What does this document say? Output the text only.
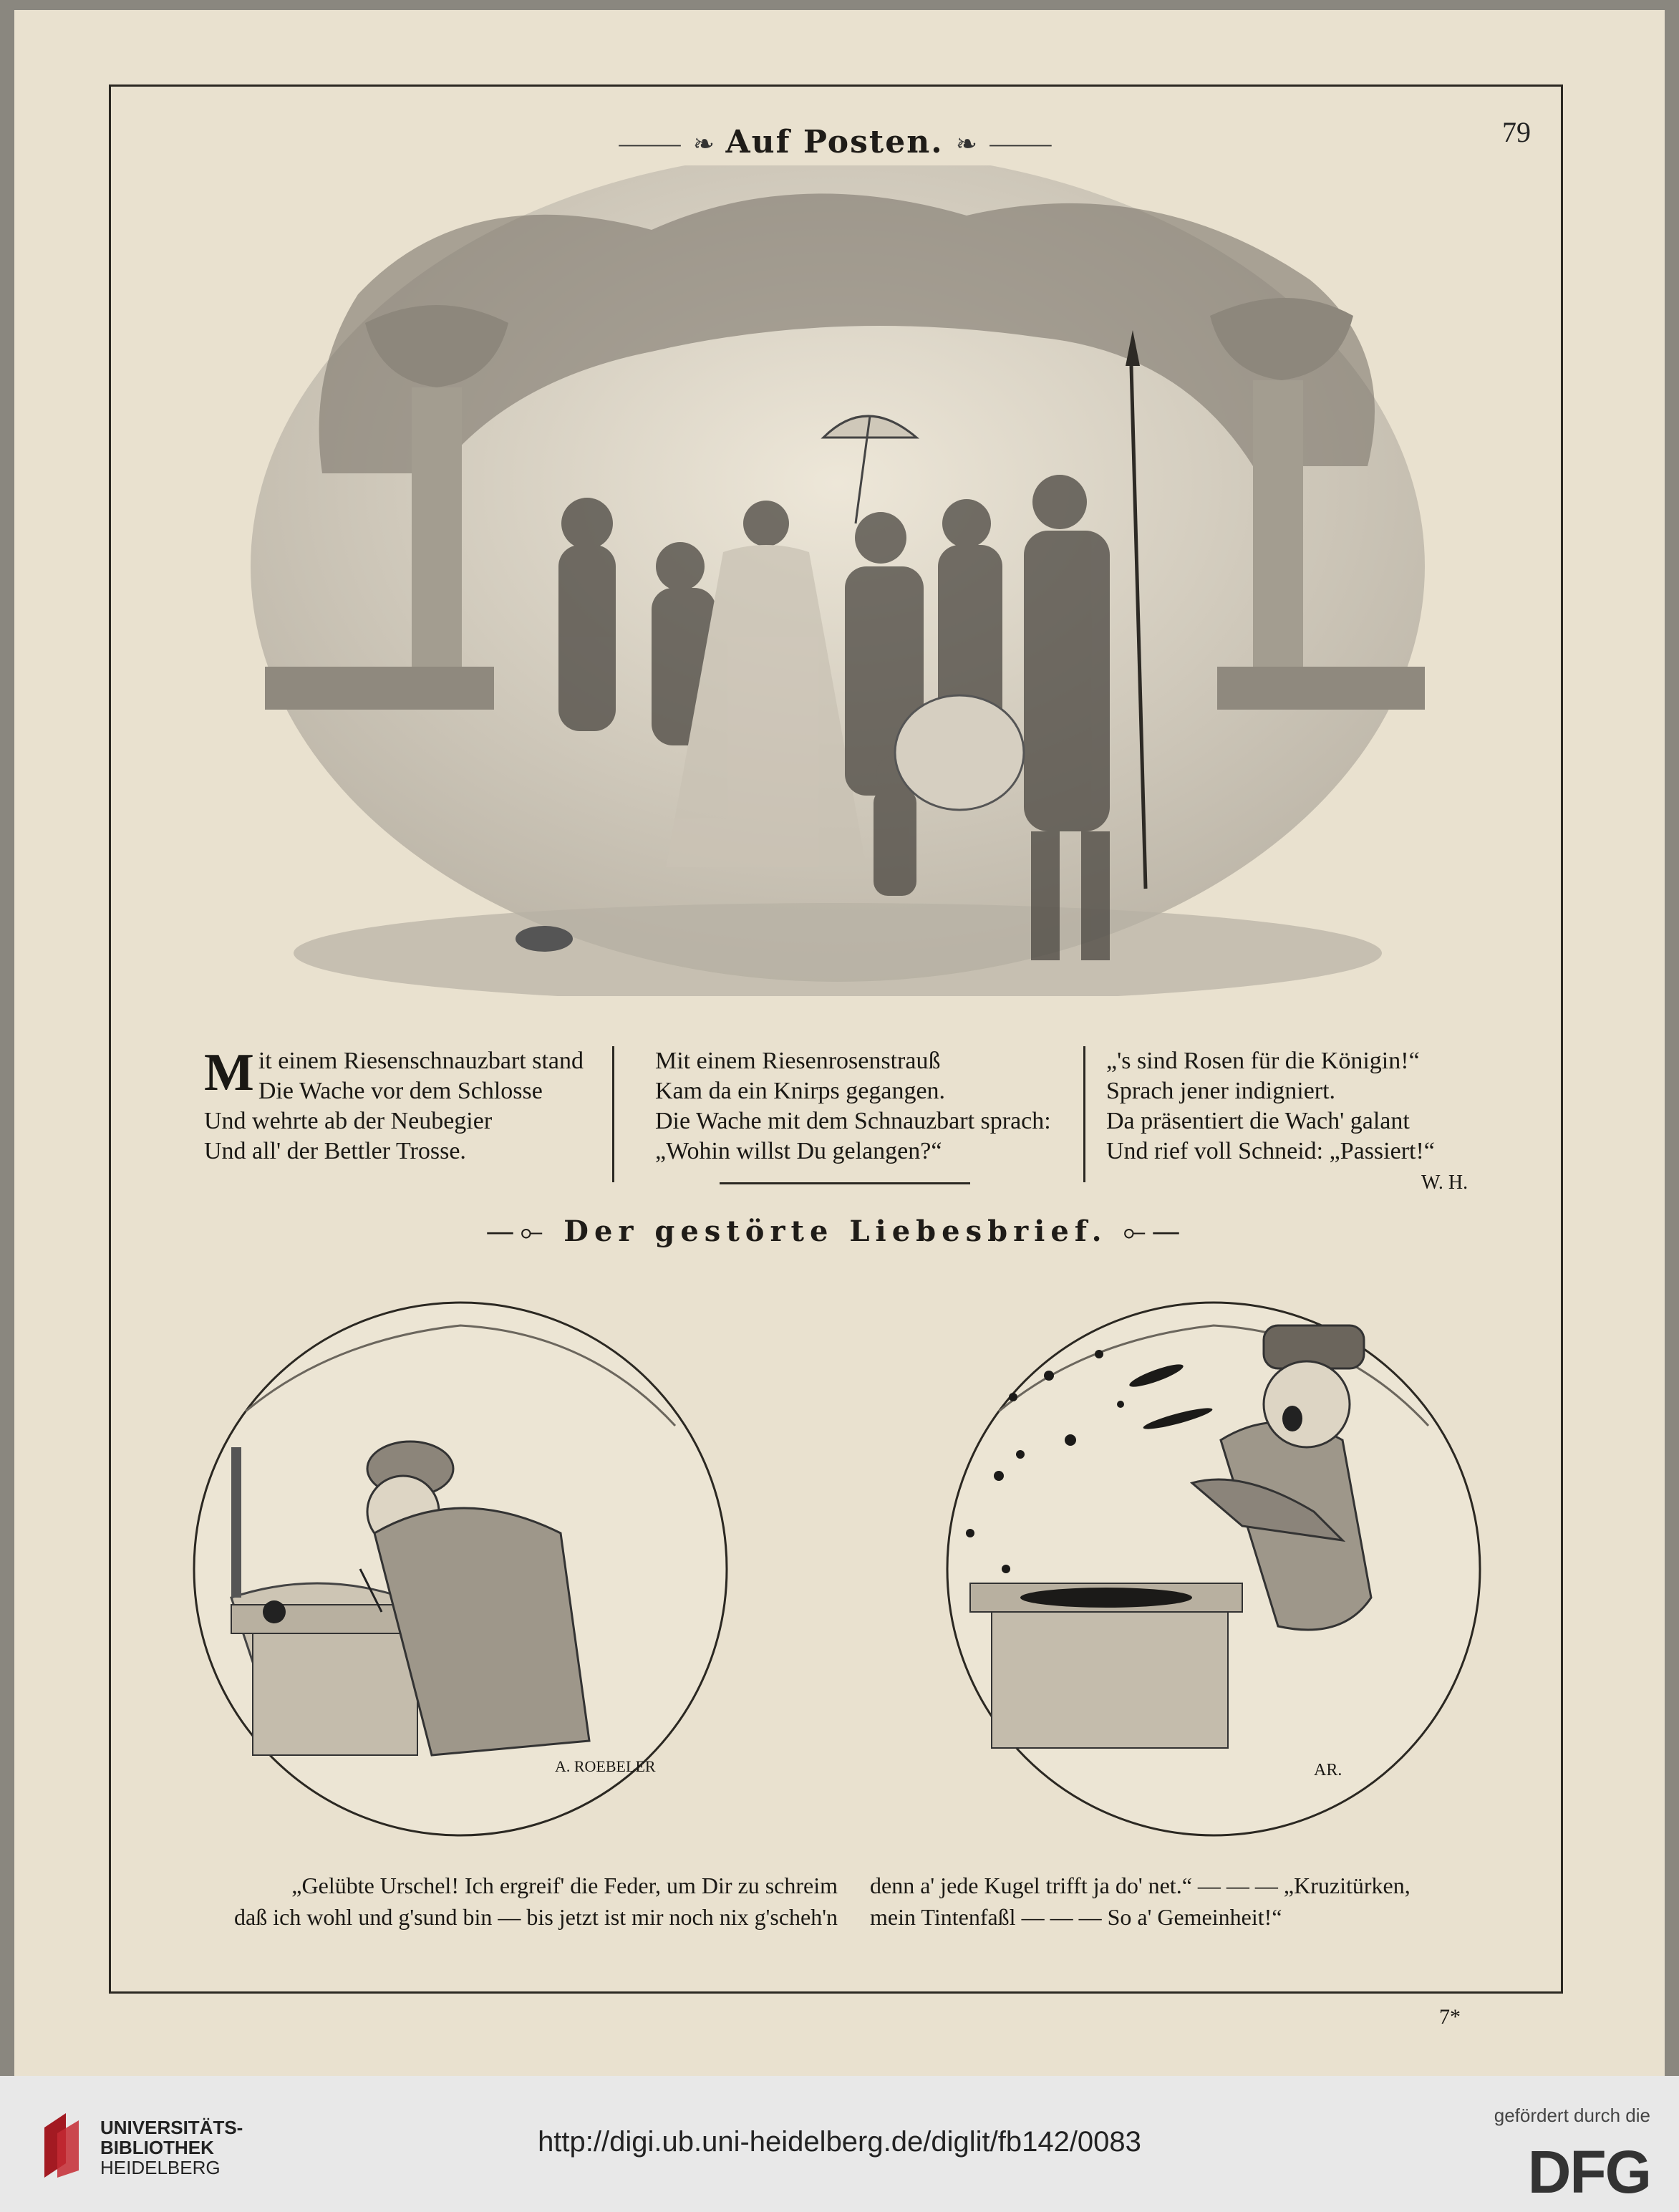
⸻ ❧ Auf Posten. ❧ ⸻	79
Mit einem Riesenschnauzbart stand
Die Wache vor dem Schlosse
Und wehrte ab der Neubegier
Und all' der Bettler Trosse.
Mit einem Riesenrosenstrauß
Kam da ein Knirps gegangen.
Die Wache mit dem Schnauzbart sprach:
„Wohin willst Du gelangen?“
„'s sind Rosen für die Königin!“
Sprach jener indigniert.
Da präsentiert die Wach' galant
Und rief voll Schneid: „Passiert!“
W. H.
—⟜ Der gestörte Liebesbrief. ⟜—
A. ROEBELER	AR.
„Gelübte Urschel! Ich ergreif' die Feder, um Dir zu schreim
daß ich wohl und g'sund bin — bis jetzt ist mir noch nix g'scheh'n
denn a' jede Kugel trifft ja do' net.“ — — — „Kruzitürken,
mein Tintenfaßl — — — So a' Gemeinheit!“
7*
UNIVERSITÄTS-
BIBLIOTHEK
HEIDELBERG
http://digi.ub.uni-heidelberg.de/diglit/fb142/0083
gefördert durch die
DFG
